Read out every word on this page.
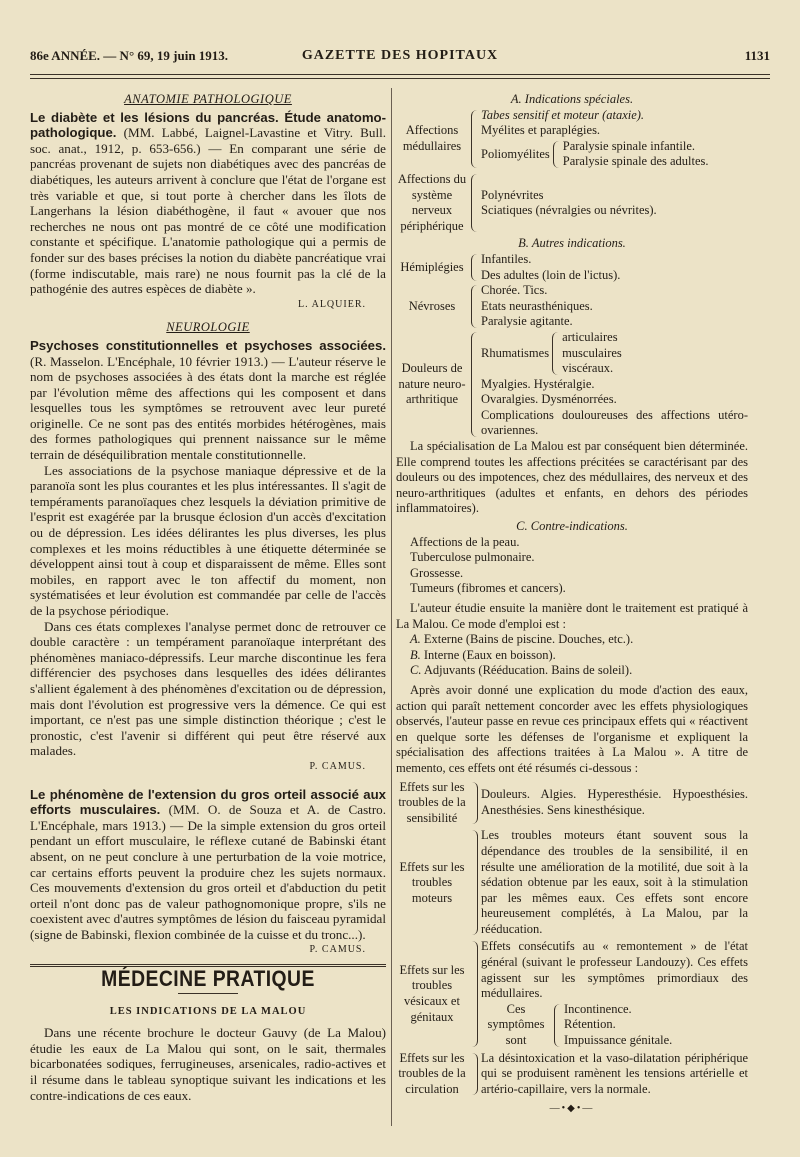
86e ANNÉE. — N° 69, 19 juin 1913.	GAZETTE DES HOPITAUX	1131
ANATOMIE PATHOLOGIQUE

Le diabète et les lésions du pancréas. Étude anatomo-pathologique. (MM. Labbé, Laignel-Lavastine et Vitry. Bull. soc. anat., 1912, p. 653-656.) — En comparant une série de pancréas provenant de sujets non diabétiques avec des pancréas de diabétiques, les auteurs arrivent à conclure que l'état de l'organe est très variable et que, si tout porte à chercher dans les îlots de Langerhans la lésion diabéthogène, il faut « avouer que nos recherches ne nous ont pas montré de ce côté une modification constante et spécifique. L'anatomie pathologique qui a permis de fonder sur des bases précises la notion du diabète pancréatique vrai (forme indiscutable, mais rare) ne nous fournit pas la clé de la pathogénie des autres espèces de diabète ».

L. ALQUIER.
NEUROLOGIE

Psychoses constitutionnelles et psychoses associées. (R. Masselon. L'Encéphale, 10 février 1913.) — L'auteur réserve le nom de psychoses associées à des états dont la marche est réglée par l'évolution même des affections qui les composent et dans lesquelles tous les symptômes se retrouvent avec leur pureté originelle. Ce ne sont pas des entités morbides hétérogènes, mais des formes pathologiques qui prennent naissance sur le même terrain de déséquilibration mentale constitutionnelle.

Les associations de la psychose maniaque dépressive et de la paranoïa sont les plus courantes et les plus intéressantes. Il s'agit de tempéraments paranoïaques chez lesquels la déviation primitive de l'esprit est exagérée par la brusque éclosion d'un accès d'excitation ou de dépression. Les idées délirantes les plus diverses, les plus complexes et les moins réductibles à une étiquette déterminée se développent ainsi tout à coup et disparaissent de même. Elles sont mobiles, en rapport avec le ton affectif du moment, non systématisées et leur évolution est commandée par celle de l'accès de la psychose périodique.

Dans ces états complexes l'analyse permet donc de retrouver ce double caractère : un tempérament paranoïaque interprétant des phénomènes maniaco-dépressifs. Leur marche discontinue les fera différencier des psychoses dans lesquelles des idées délirantes s'allient également à des phénomènes d'excitation ou de dépression, mais dont l'évolution est progressive vers la démence. Ce qui est important, ce n'est pas une simple distinction théorique ; c'est le pronostic, c'est l'avenir si différent qui peut être réservé aux malades.

P. CAMUS.

Le phénomène de l'extension du gros orteil associé aux efforts musculaires. (MM. O. de Souza et A. de Castro. L'Encéphale, mars 1913.) — De la simple extension du gros orteil pendant un effort musculaire, le réflexe cutané de Babinski étant absent, on ne peut conclure à une perturbation de la voie motrice, car certains efforts peuvent la produire chez les sujets normaux. Ces mouvements d'extension du gros orteil et d'abduction du petit orteil n'ont donc pas de valeur pathognomonique propre, s'ils ne coexistent avec d'autres symptômes de lésion du faisceau pyramidal (signe de Babinski, flexion combinée de la cuisse et du tronc...).

P. CAMUS.
MÉDECINE PRATIQUE
LES INDICATIONS DE LA MALOU

Dans une récente brochure le docteur Gauvy (de La Malou) étudie les eaux de La Malou qui sont, on le sait, thermales bicarbonatées sodiques, ferrugineuses, arsenicales, radio-actives et il résume dans le tableau synoptique suivant les indications et les contre-indications de ces eaux.

A. Indications spéciales.
Affections médullaires
Tabes sensitif et moteur (ataxie).
Myélites et paraplégies.
Poliomyélites
Paralysie spinale infantile.
Paralysie spinale des adultes.
Affections du système nerveux périphérique
Polynévrites
Sciatiques (névralgies ou névrites).
B. Autres indications.
Hémiplégies
Infantiles.
Des adultes (loin de l'ictus).
Névroses
Chorée. Tics.
Etats neurasthéniques.
Paralysie agitante.
Douleurs de nature neuro-arthritique
Rhumatismes
articulaires
musculaires
viscéraux.
Myalgies. Hystéralgie.
Ovaralgies. Dysménorrées.
Complications douloureuses des affections utéro-ovariennes.

La spécialisation de La Malou est par conséquent bien déterminée. Elle comprend toutes les affections précitées se caractérisant par des douleurs ou des impotences, chez des médullaires, des nerveux et des neuro-arthritiques (adultes et enfants, en dehors des périodes inflammatoires).

C. Contre-indications.
Affections de la peau.
Tuberculose pulmonaire.
Grossesse.
Tumeurs (fibromes et cancers).

L'auteur étudie ensuite la manière dont le traitement est pratiqué à La Malou. Ce mode d'emploi est :

A. Externe (Bains de piscine. Douches, etc.).
B. Interne (Eaux en boisson).
C. Adjuvants (Rééducation. Bains de soleil).

Après avoir donné une explication du mode d'action des eaux, action qui paraît nettement concorder avec les effets physiologiques observés, l'auteur passe en revue ces principaux effets qui « réactivent en quelque sorte les défenses de l'organisme et expliquent la spécialisation des affections traitées à La Malou ». A titre de memento, ces effets ont été résumés ci-dessous :

Effets sur les troubles de la sensibilité
Douleurs. Algies. Hyperesthésie. Hypoesthésies. Anesthésies. Sens kinesthésique.
Effets sur les troubles moteurs
Les troubles moteurs étant souvent sous la dépendance des troubles de la sensibilité, il en résulte une amélioration de la motilité, due soit à la sédation obtenue par les eaux, soit à la stimulation par les mêmes eaux. Ces effets sont encore heureusement complétés, à La Malou, par la rééducation.
Effets sur les troubles vésicaux et génitaux
Effets consécutifs au « remontement » de l'état général (suivant le professeur Landouzy). Ces effets agissent sur les symptômes primordiaux des médullaires.
Ces symptômes sont
Incontinence.
Rétention.
Impuissance génitale.
Effets sur les troubles de la circulation
La désintoxication et la vaso-dilatation périphérique qui se produisent ramènent les tensions artérielle et artério-capillaire, vers la normale.
—•◆•—
